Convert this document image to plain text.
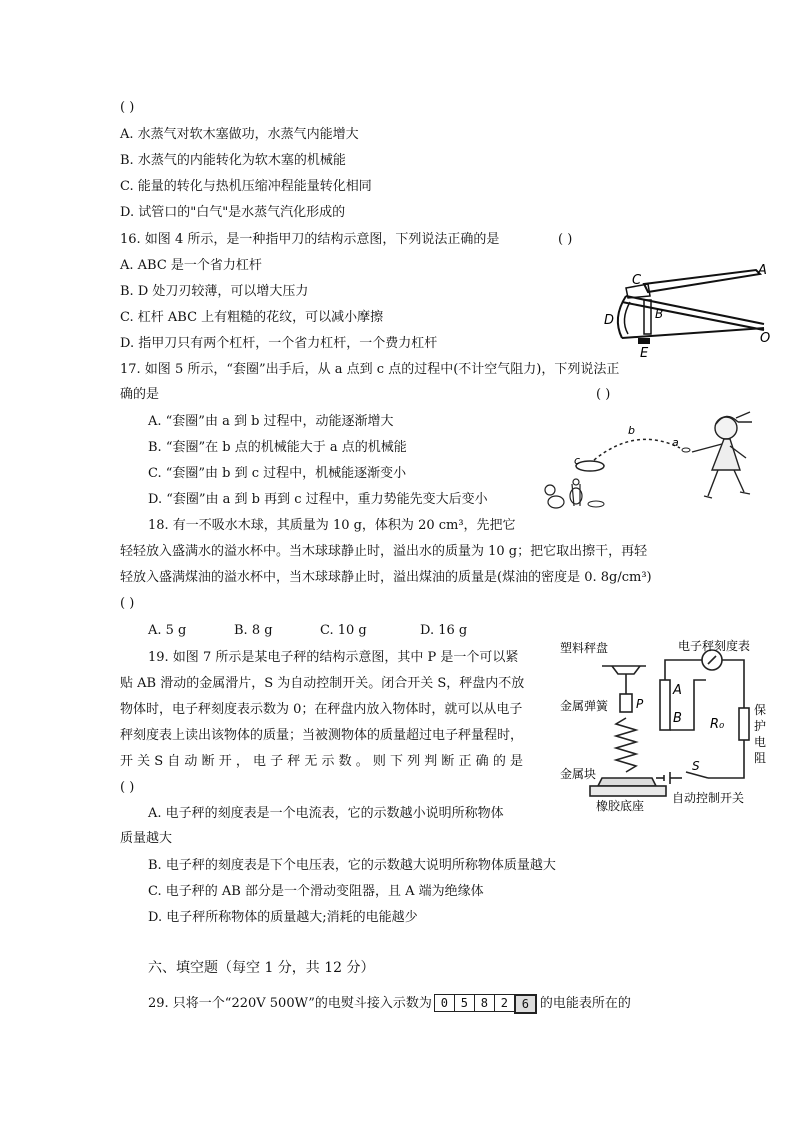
( )
A. 水蒸气对软木塞做功，水蒸气内能增大
B. 水蒸气的内能转化为软木塞的机械能
C. 能量的转化与热机压缩冲程能量转化相同
D. 试管口的"白气"是水蒸气汽化形成的
16. 如图 4 所示，是一种指甲刀的结构示意图，下列说法正确的是	( )
A. ABC 是一个省力杠杆
B. D 处刀刃较薄，可以增大压力
C. 杠杆 ABC 上有粗糙的花纹，可以减小摩擦
D. 指甲刀只有两个杠杆，一个省力杠杆，一个费力杠杆
C
A
B
D
E
O
17. 如图 5 所示，“套圈”出手后，从 a 点到 c 点的过程中(不计空气阻力)，下列说法正
确的是	( )
A. “套圈”由 a 到 b 过程中，动能逐渐增大
B. “套圈”在 b 点的机械能大于 a 点的机械能
C. “套圈”由 b 到 c 过程中，机械能逐渐变小
D. “套圈”由 a 到 b 再到 c 过程中，重力势能先变大后变小
b
a
c
18. 有一不吸水木球，其质量为 10 g，体积为 20 cm³，先把它
轻轻放入盛满水的溢水杯中。当木球球静止时，溢出水的质量为 10 g；把它取出擦干，再轻
轻放入盛满煤油的溢水杯中，当木球球静止时，溢出煤油的质量是(煤油的密度是 0. 8g/cm³)
( )
A. 5 g	B. 8 g	C. 10 g	D. 16 g
19. 如图 7 所示是某电子秤的结构示意图，其中 P 是一个可以紧
贴 AB 滑动的金属滑片，S 为自动控制开关。闭合开关 S，秤盘内不放
物体时，电子秤刻度表示数为 0；在秤盘内放入物体时，就可以从电子
秤刻度表上读出该物体的质量；当被测物体的质量超过电子秤量程时，
开 关 S 自 动 断 开 ， 电 子 秤 无 示 数 。 则 下 列 判 断 正 确 的 是
( )
A. 电子秤的刻度表是一个电流表，它的示数越小说明所称物体
质量越大
B. 电子秤的刻度表是下个电压表，它的示数越大说明所称物体质量越大
C. 电子秤的 AB 部分是一个滑动变阻器，且 A 端为绝缘体
D. 电子秤所称物体的质量越大;消耗的电能越少
塑料秤盘	电子秤刻度表
金属弹簧
金属块
橡胶底座
自动控制开关
A
B
P
R₀
S
保
护
电
阻
六、填空题（每空 1 分，共 12 分）
29. 只将一个“220V 500W”的电熨斗接入示数为 0	5	8	2	6 的电能表所在的
